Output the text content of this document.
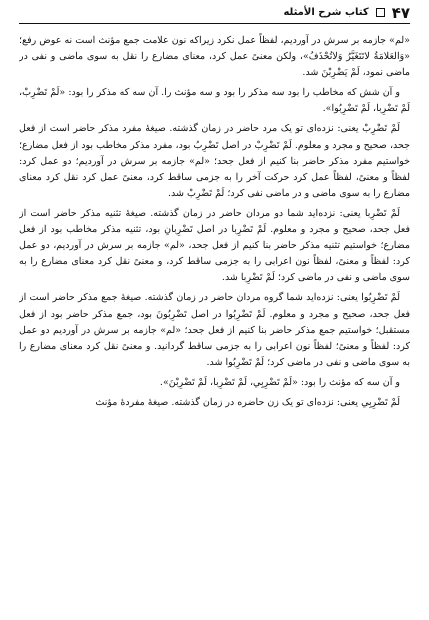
۴۷
کتاب شرح الأمثله

«لم» جازمه بر سرش در آوردیم، لفظاً عمل نکرد زیراکه نون علامت جمع مؤنث است نه عوض رفع؛ «وَالعَلامَةُ لاتَتَغَیَّرُ وَلاتُحْذَفُ»، ولکن معنیً عمل کرد، معنای مضارع را نقل به سوی ماضی و نفی در ماضی نمود، لَمْ یَضْرِبْنَ شد.

و آن شش که مخاطب را بود سه مذکر را بود و سه مؤنث را. آن سه که مذکر را بود: «لَمْ تَضْرِبْ، لَمْ تَضْرِبا، لَمْ تَضْرِبُوا».

لَمْ تَضْرِبْ یعنی: نزده‌ای تو یک مرد حاضر در زمان گذشته. صیغهٔ مفرد مذکر حاضر است از فعل جحد، صحیح و مجرد و معلوم. لَمْ تَضْرِبْ در اصل تَضْرِبُ بود، مفرد مذکر مخاطب بود از فعل مضارع؛ خواستیم مفرد مذکر حاضر بنا کنیم از فعل جحد؛ «لم» جازمه بر سرش در آوردیم؛ دو عمل کرد: لفظاً و معنیً، لفظاً عمل کرد حرکت آخر را به جزمی ساقط کرد، معنیً عمل کرد نقل کرد معنای مضارع را به سوی ماضی و در ماضی نفی کرد؛ لَمْ تَضْرِبْ شد.

لَمْ تَضْرِبا یعنی: نزده‌اید شما دو مردان حاضر در زمان گذشته. صیغهٔ تثنیه مذکر حاضر است از فعل جحد، صحیح و مجرد و معلوم. لَمْ تَضْرِبا در اصل تَضْرِبانِ بود، تثنیه مذکر مخاطب بود از فعل مضارع؛ خواستیم تثنیه مذکر حاضر بنا کنیم از فعل جحد، «لم» جازمه بر سرش در آوردیم، دو عمل کرد: لفظاً و معنیً، لفظاً نون اعرابی را به جزمی ساقط کرد، و معنیً نقل کرد معنای مضارع را به سوی ماضی و نفی در ماضی کرد؛ لَمْ تَضْرِبا شد.

لَمْ تَضْرِبُوا یعنی: نزده‌اید شما گروه مردان حاضر در زمان گذشته. صیغهٔ جمع مذکر حاضر است از فعل جحد، صحیح و مجرد و معلوم. لَمْ تَضْرِبُوا در اصل تَضْرِبُونَ بود، جمع مذکر حاضر بود از فعل مستقبل؛ خواستیم جمع مذکر حاضر بنا کنیم از فعل جحد؛ «لم» جازمه بر سرش در آوردیم دو عمل کرد: لفظاً و معنیً؛ لفظاً نون اعرابی را به جزمی ساقط گردانید. و معنیً نقل کرد معنای مضارع را به سوی ماضی و نفی در ماضی کرد؛ لَمْ تَضْرِبُوا شد.

و آن سه که مؤنث را بود: «لَمْ تَضْرِبِي، لَمْ تَضْرِبا، لَمْ تَضْرِبْنَ».

لَمْ تَضْرِبِي یعنی: نزده‌ای تو یک زن حاضره در زمان گذشته. صیغهٔ مفردهٔ مؤنث
